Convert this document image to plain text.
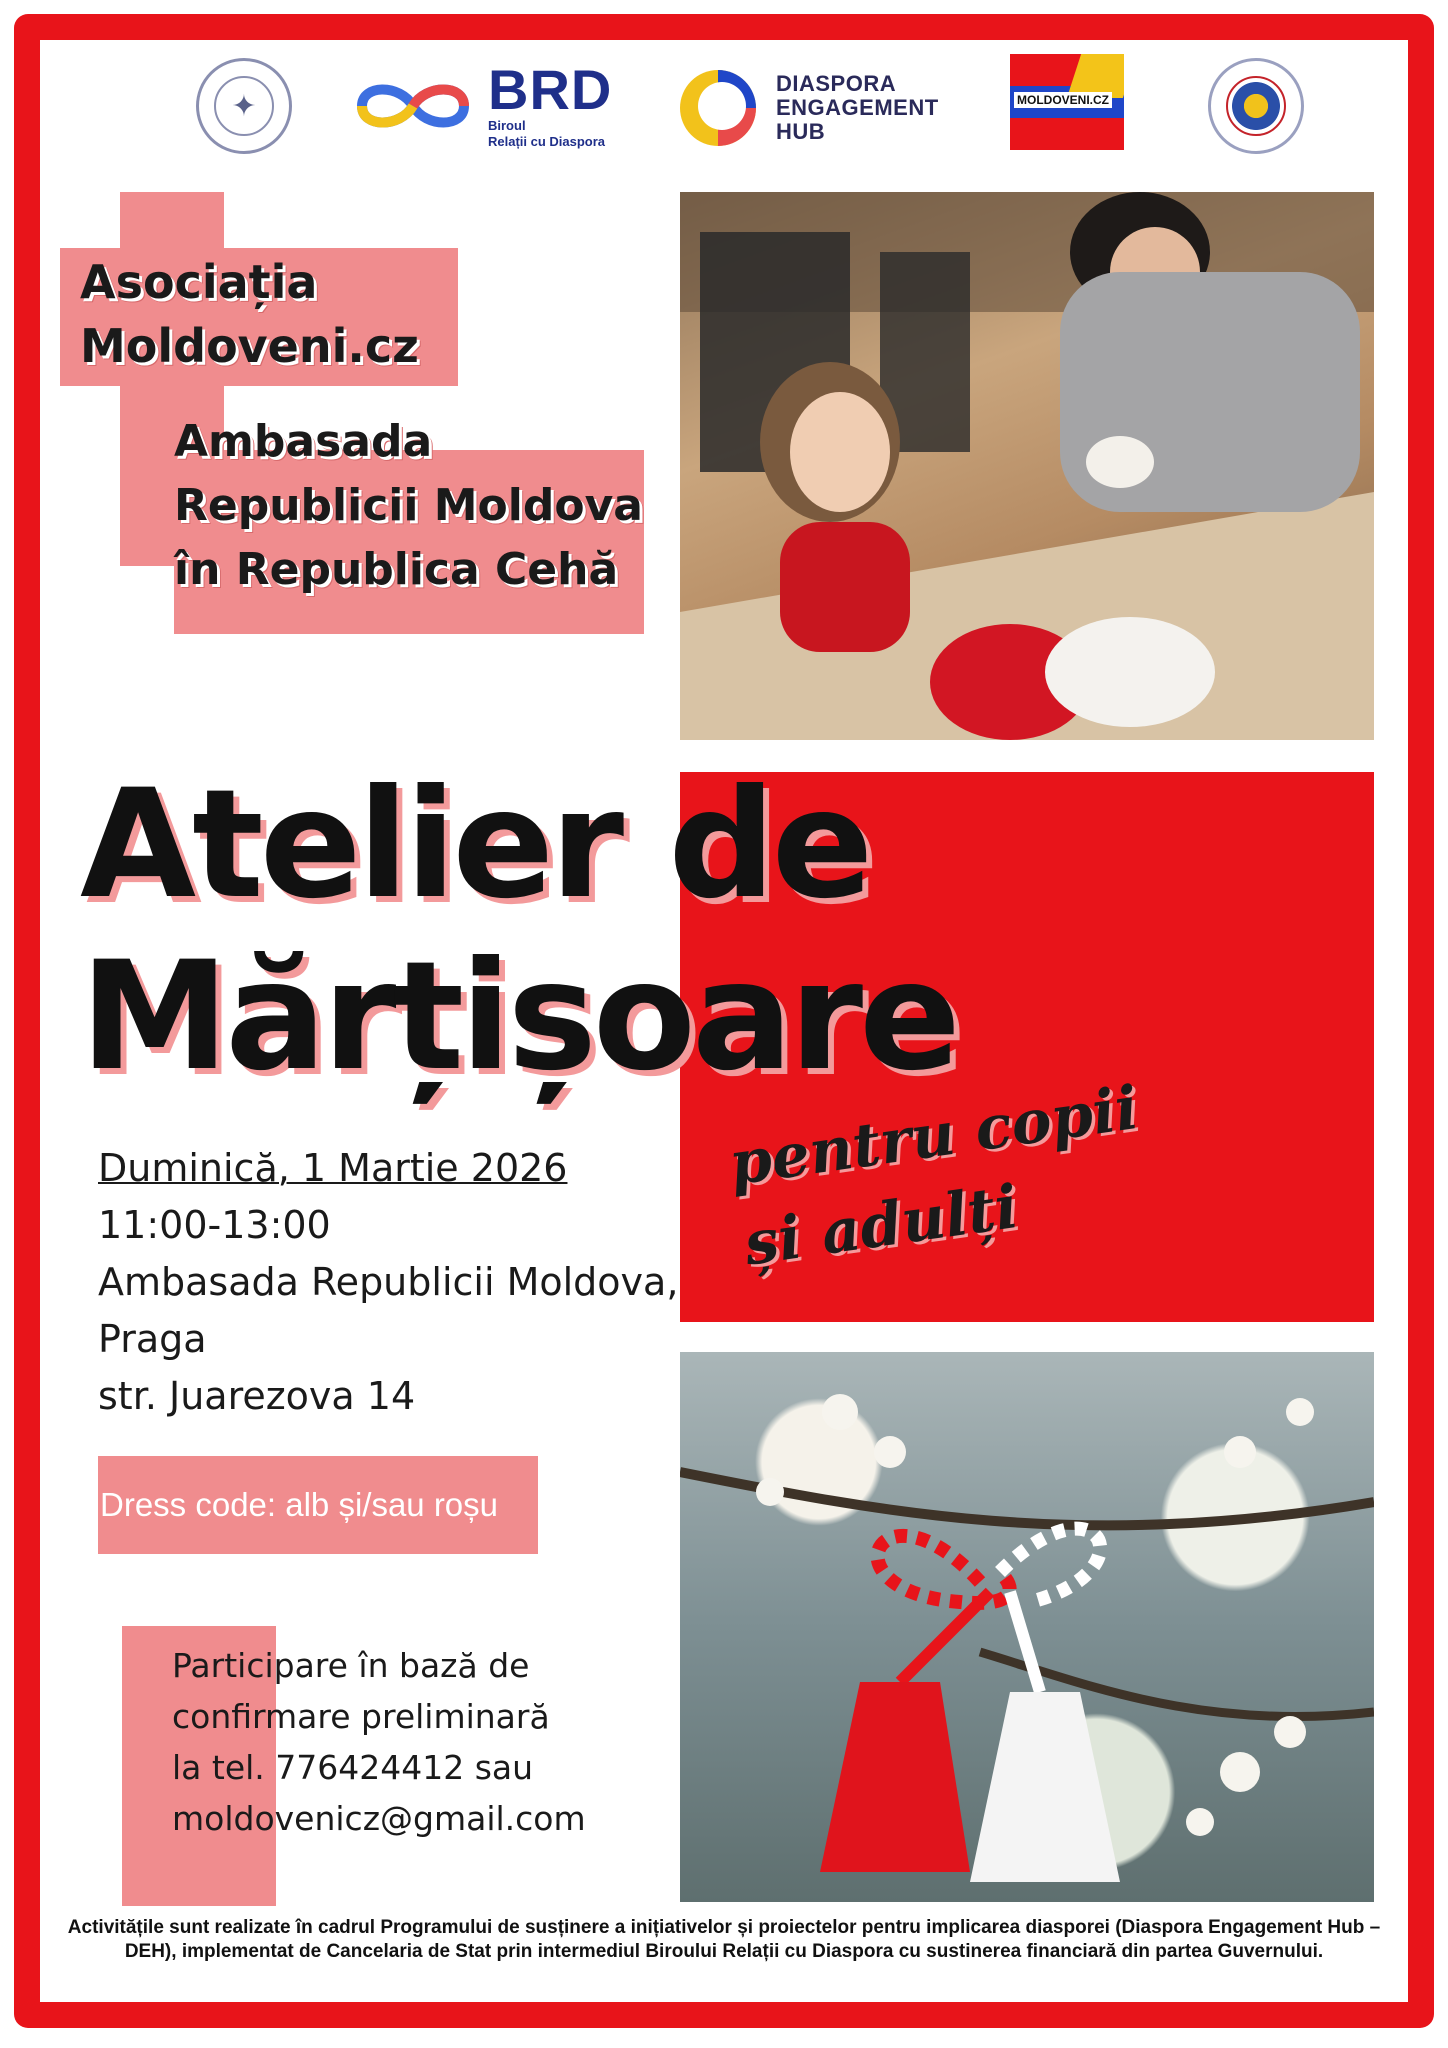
✦	BRD
Biroul
Relații cu Diaspora
DIASPORA
ENGAGEMENT
HUB
MOLDOVENI.CZ
Asociația
Moldoveni.cz
Ambasada
Republicii Moldova
în Republica Cehă
Atelier de
Mărțișoare
pentru copii
și adulți
Duminică, 1 Martie 2026
11:00-13:00
Ambasada Republicii Moldova,
Praga
str. Juarezova 14
Dress code: alb și/sau roșu
Participare în bază de
confirmare preliminară
la tel. 776424412 sau
moldovenicz@gmail.com
Activitățile sunt realizate în cadrul Programului de susținere a inițiativelor și proiectelor pentru implicarea diasporei (Diaspora Engagement Hub –
DEH), implementat de Cancelaria de Stat prin intermediul Biroului Relații cu Diaspora cu sustinerea financiară din partea Guvernului.
